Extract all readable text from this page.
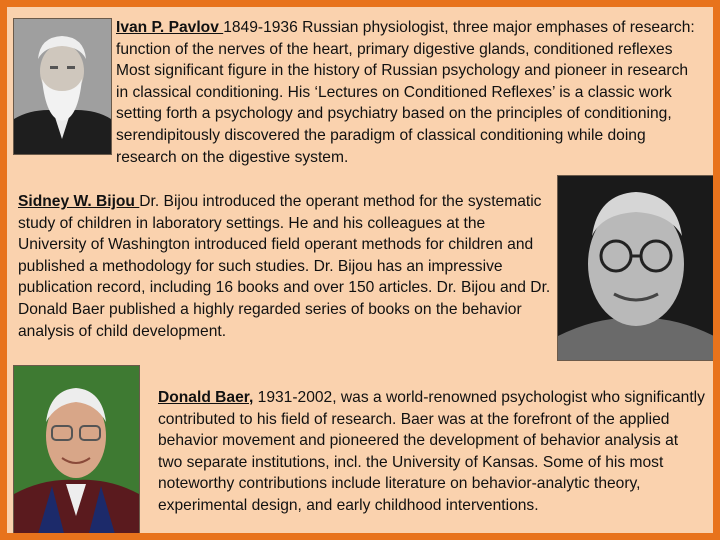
Ivan P. Pavlov 1849-1936 Russian physiologist, three major emphases of research: function of the nerves of the heart, primary digestive glands, conditioned reflexes Most significant figure in the history of Russian psychology and pioneer in research in classical conditioning. His ‘Lectures on Conditioned Reflexes’ is a classic work setting forth a psychology and psychiatry based on the principles of conditioning, serendipitously discovered the paradigm of classical conditioning while doing research on the digestive system.
Sidney W. Bijou Dr. Bijou introduced the operant method for the systematic study of children in laboratory settings. He and his colleagues at the University of Washington introduced field operant methods for children and published a methodology for such studies. Dr. Bijou has an impressive publication record, including 16 books and over 150 articles. Dr. Bijou and Dr. Donald Baer published a highly regarded series of books on the behavior analysis of child development.
Donald Baer, 1931-2002, was a world-renowned psychologist who significantly contributed to his field of research. Baer was at the forefront of the applied behavior movement and pioneered the development of behavior analysis at two separate institutions, incl. the University of Kansas. Some of his most noteworthy contributions include literature on behavior-analytic theory, experimental design, and early childhood interventions.
